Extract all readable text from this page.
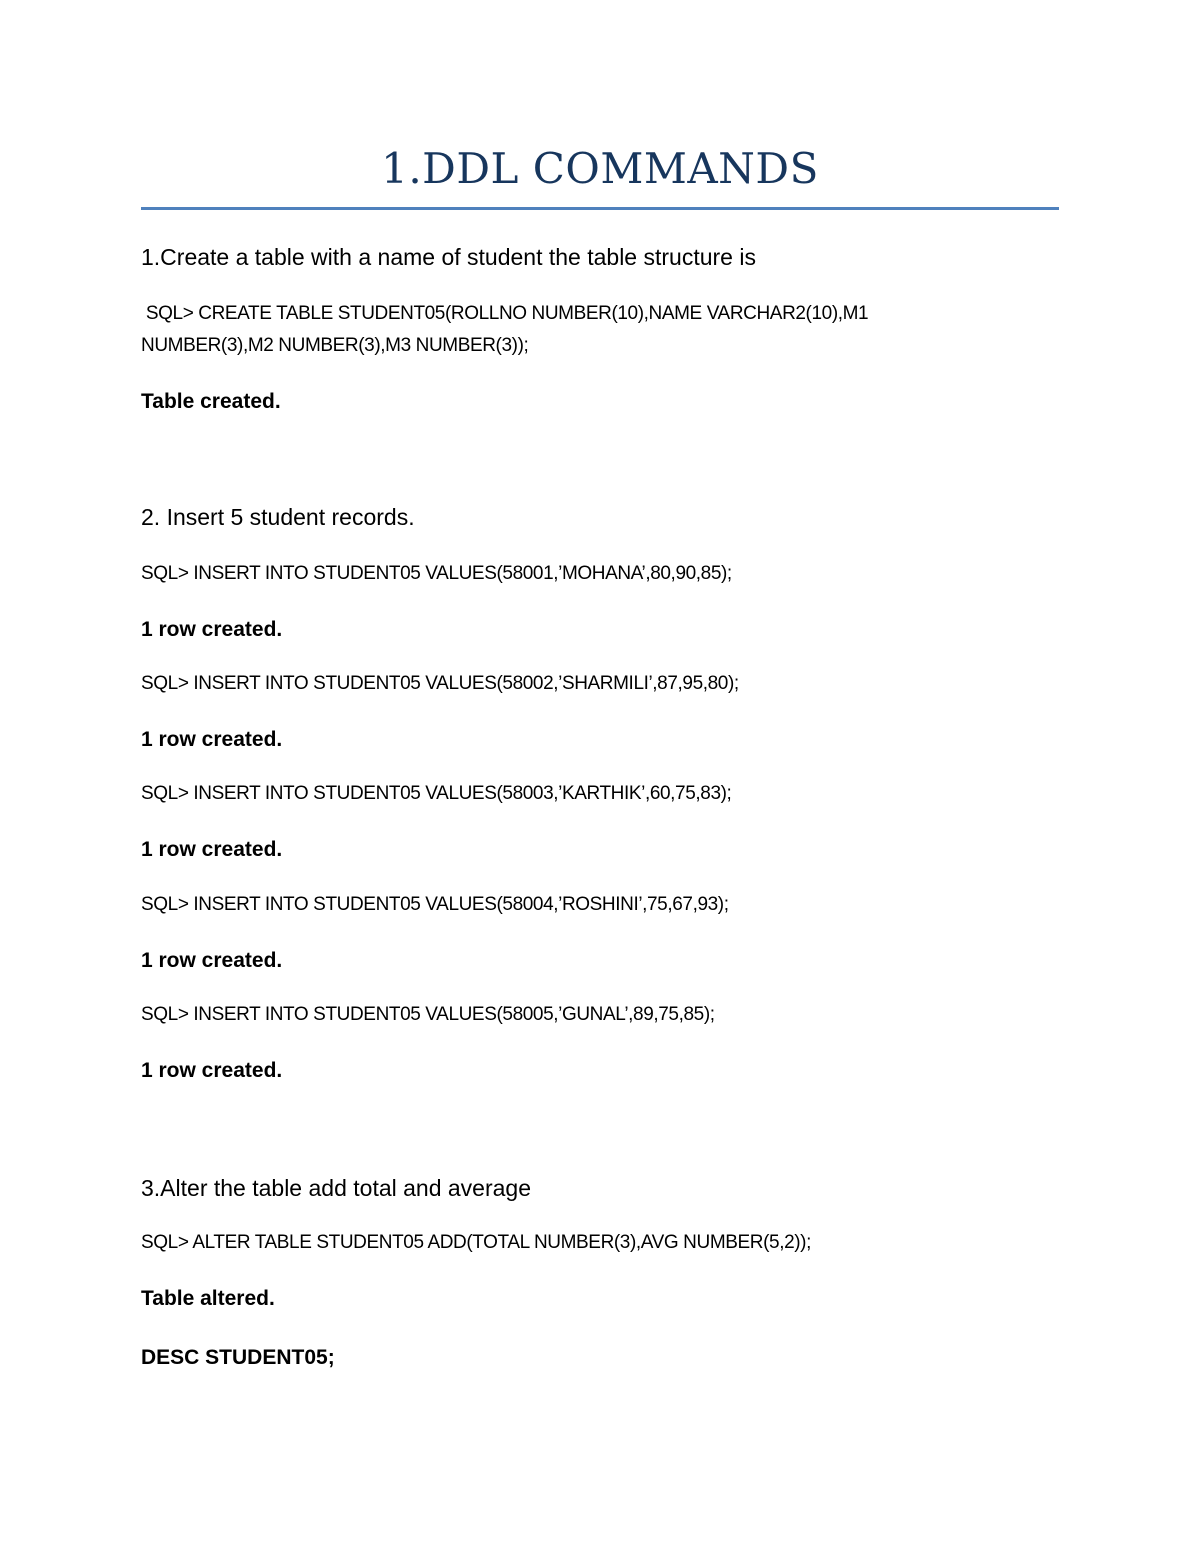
1.DDL COMMANDS

1.Create a table with a name of student the table structure is

SQL> CREATE TABLE STUDENT05(ROLLNO NUMBER(10),NAME VARCHAR2(10),M1

NUMBER(3),M2 NUMBER(3),M3 NUMBER(3));

Table created.

2. Insert 5 student records.

SQL> INSERT INTO STUDENT05 VALUES(58001,’MOHANA’,80,90,85);

1 row created.

SQL> INSERT INTO STUDENT05 VALUES(58002,’SHARMILI’,87,95,80);

1 row created.

SQL> INSERT INTO STUDENT05 VALUES(58003,’KARTHIK’,60,75,83);

1 row created.

SQL> INSERT INTO STUDENT05 VALUES(58004,’ROSHINI’,75,67,93);

1 row created.

SQL> INSERT INTO STUDENT05 VALUES(58005,’GUNAL’,89,75,85);

1 row created.

3.Alter the table add total and average

SQL> ALTER TABLE STUDENT05 ADD(TOTAL NUMBER(3),AVG NUMBER(5,2));

Table altered.

DESC STUDENT05;
